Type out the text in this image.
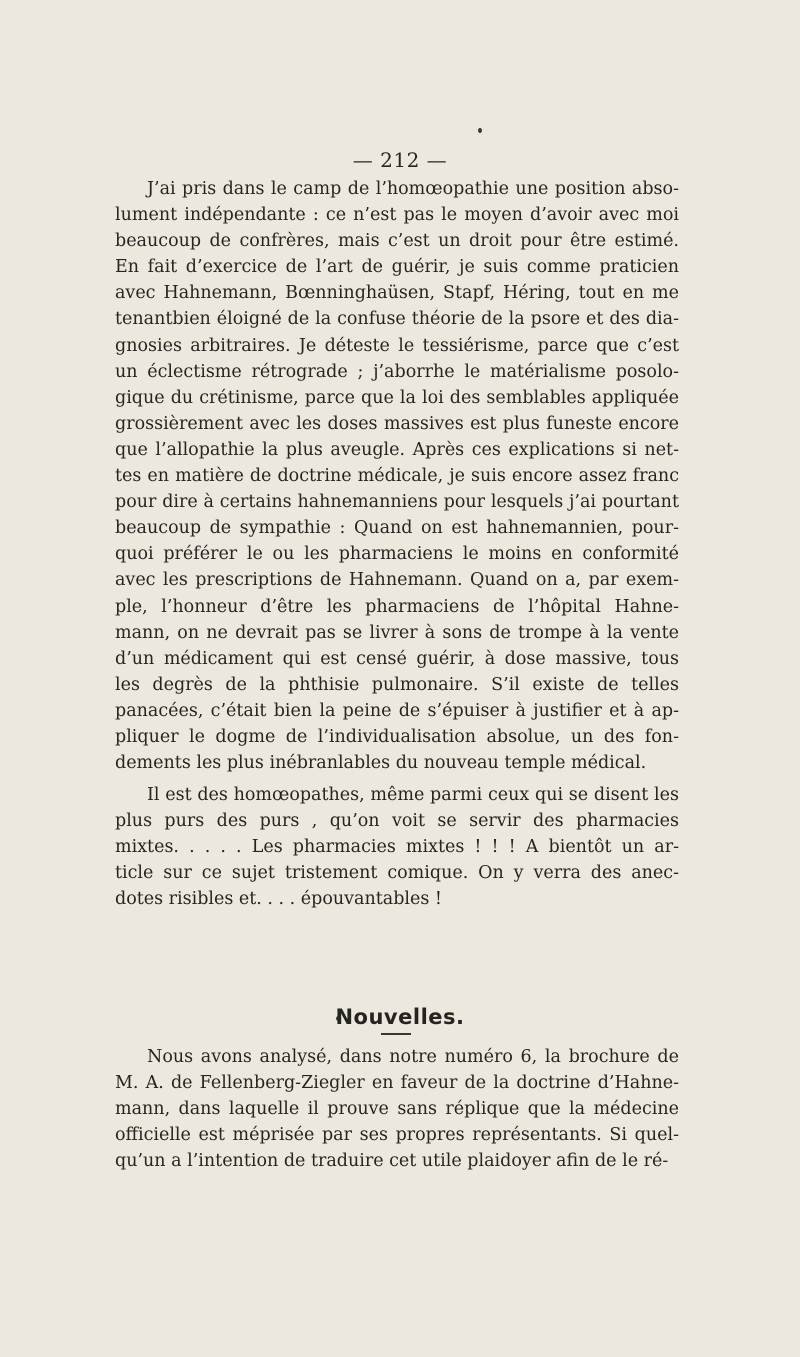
— 212 —

J’ai pris dans le camp de l’homœopathie une position abso-
lument indépendante : ce n’est pas le moyen d’avoir avec moi
beaucoup de confrères, mais c’est un droit pour être estimé.
En fait d’exercice de l’art de guérir, je suis comme praticien
avec Hahnemann, Bœnninghaüsen, Stapf, Héring, tout en me
tenantbien éloigné de la confuse théorie de la psore et des dia-
gnosies arbitraires. Je déteste le tessiérisme, parce que c’est
un éclectisme rétrograde ; j’aborrhe le matérialisme posolo-
gique du crétinisme, parce que la loi des semblables appliquée
grossièrement avec les doses massives est plus funeste encore
que l’allopathie la plus aveugle. Après ces explications si net-
tes en matière de doctrine médicale, je suis encore assez franc
pour dire à certains hahnemanniens pour lesquels j’ai pourtant
beaucoup de sympathie : Quand on est hahnemannien, pour-
quoi préférer le ou les pharmaciens le moins en conformité
avec les prescriptions de Hahnemann. Quand on a, par exem-
ple, l’honneur d’être les pharmaciens de l’hôpital Hahne-
mann, on ne devrait pas se livrer à sons de trompe à la vente
d’un médicament qui est censé guérir, à dose massive, tous
les degrès de la phthisie pulmonaire. S’il existe de telles
panacées, c’était bien la peine de s’épuiser à justifier et à ap-
pliquer le dogme de l’individualisation absolue, un des fon-
dements les plus inébranlables du nouveau temple médical.

Il est des homœopathes, même parmi ceux qui se disent les
plus purs des purs , qu’on voit se servir des pharmacies
mixtes. . . . . Les pharmacies mixtes ! ! ! A bientôt un ar-
ticle sur ce sujet tristement comique. On y verra des anec-
dotes risibles et. . . . épouvantables !

Nouvelles.

Nous avons analysé, dans notre numéro 6, la brochure de
M. A. de Fellenberg-Ziegler en faveur de la doctrine d’Hahne-
mann, dans laquelle il prouve sans réplique que la médecine
officielle est méprisée par ses propres représentants. Si quel-
qu’un a l’intention de traduire cet utile plaidoyer afin de le ré-
